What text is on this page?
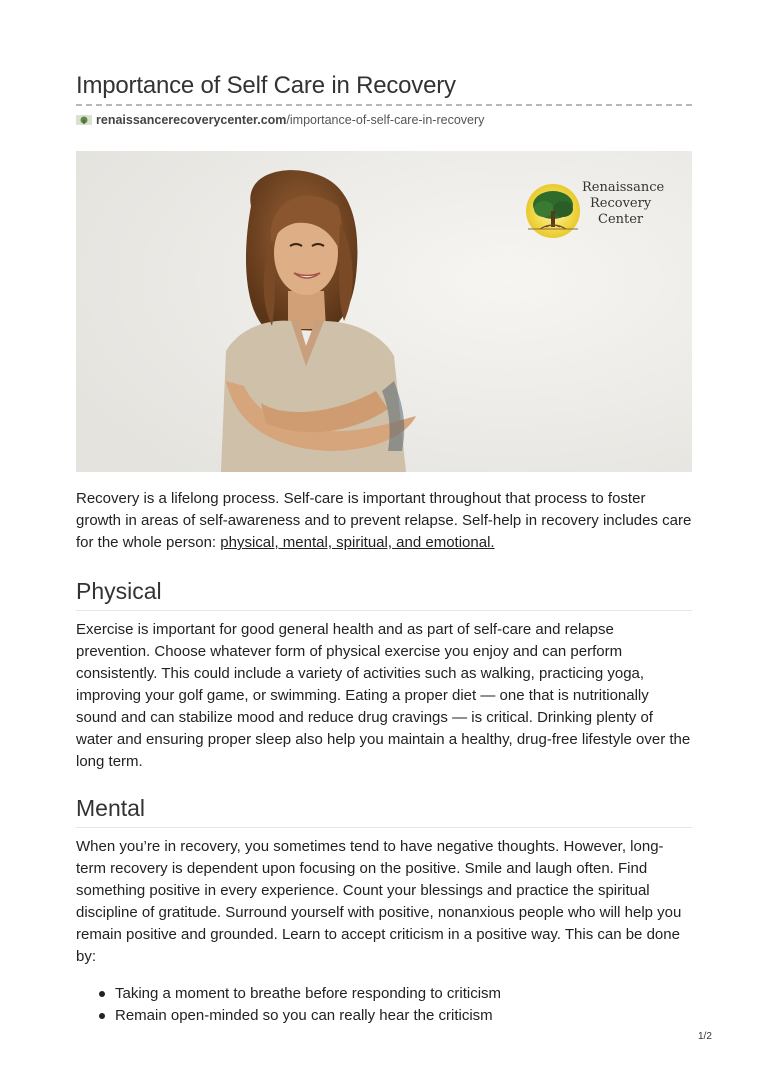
Importance of Self Care in Recovery
renaissancerecoverycenter.com/importance-of-self-care-in-recovery
Renaissance
Recovery
Center

Recovery is a lifelong process. Self-care is important throughout that process to foster growth in areas of self-awareness and to prevent relapse. Self-help in recovery includes care for the whole person: physical, mental, spiritual, and emotional.

Physical

Exercise is important for good general health and as part of self-care and relapse prevention. Choose whatever form of physical exercise you enjoy and can perform consistently. This could include a variety of activities such as walking, practicing yoga, improving your golf game, or swimming. Eating a proper diet — one that is nutritionally sound and can stabilize mood and reduce drug cravings — is critical. Drinking plenty of water and ensuring proper sleep also help you maintain a healthy, drug-free lifestyle over the long term.

Mental

When you’re in recovery, you sometimes tend to have negative thoughts. However, long-term recovery is dependent upon focusing on the positive. Smile and laugh often. Find something positive in every experience. Count your blessings and practice the spiritual discipline of gratitude. Surround yourself with positive, nonanxious people who will help you remain positive and grounded. Learn to accept criticism in a positive way. This can be done by:

Taking a moment to breathe before responding to criticism
Remain open-minded so you can really hear the criticism
1/2
